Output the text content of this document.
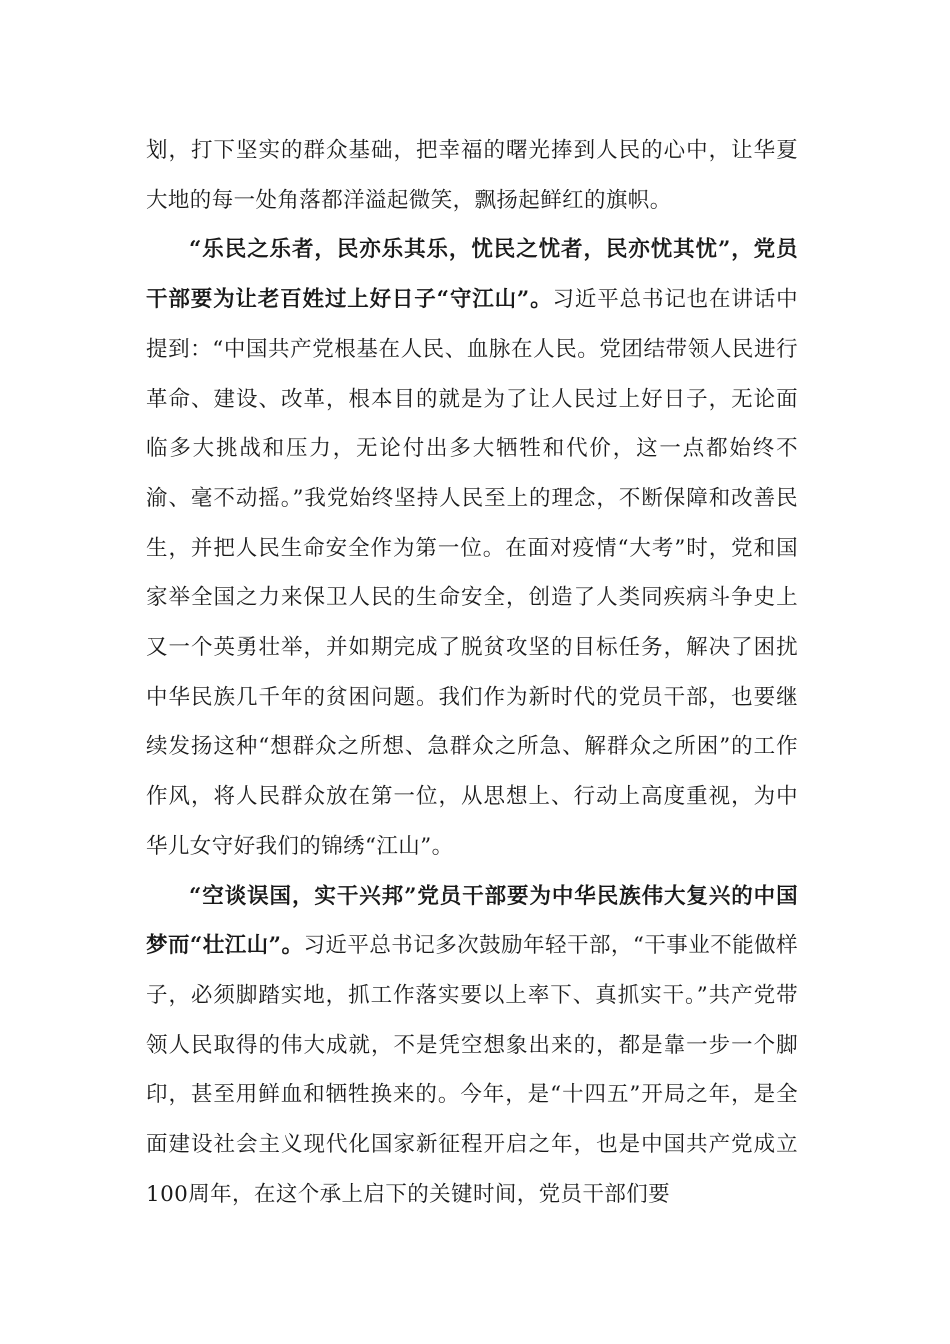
划，打下坚实的群众基础，把幸福的曙光捧到人民的心中，让华夏大地的每一处角落都洋溢起微笑，飘扬起鲜红的旗帜。

“乐民之乐者，民亦乐其乐，忧民之忧者，民亦忧其忧”，党员干部要为让老百姓过上好日子“守江山”。习近平总书记也在讲话中提到：“中国共产党根基在人民、血脉在人民。党团结带领人民进行革命、建设、改革，根本目的就是为了让人民过上好日子，无论面临多大挑战和压力，无论付出多大牺牲和代价，这一点都始终不渝、毫不动摇。”我党始终坚持人民至上的理念，不断保障和改善民生，并把人民生命安全作为第一位。在面对疫情“大考”时，党和国家举全国之力来保卫人民的生命安全，创造了人类同疾病斗争史上又一个英勇壮举，并如期完成了脱贫攻坚的目标任务，解决了困扰中华民族几千年的贫困问题。我们作为新时代的党员干部，也要继续发扬这种“想群众之所想、急群众之所急、解群众之所困”的工作作风，将人民群众放在第一位，从思想上、行动上高度重视，为中华儿女守好我们的锦绣“江山”。

“空谈误国，实干兴邦”党员干部要为中华民族伟大复兴的中国梦而“壮江山”。习近平总书记多次鼓励年轻干部，“干事业不能做样子，必须脚踏实地，抓工作落实要以上率下、真抓实干。”共产党带领人民取得的伟大成就，不是凭空想象出来的，都是靠一步一个脚印，甚至用鲜血和牺牲换来的。今年，是“十四五”开局之年，是全面建设社会主义现代化国家新征程开启之年，也是中国共产党成立100周年，在这个承上启下的关键时间，党员干部们要
